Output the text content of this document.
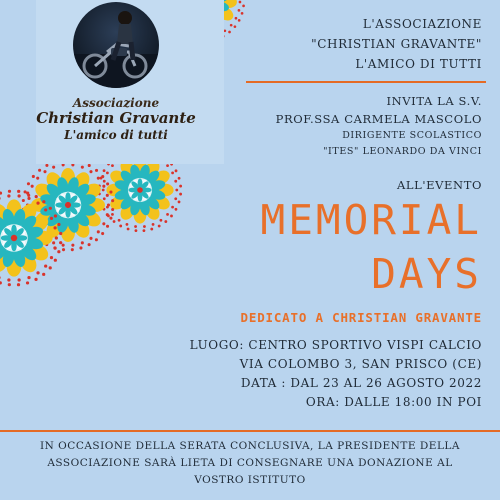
Associazione
Christian Gravante
L'amico di tutti
L'ASSOCIAZIONE
"CHRISTIAN GRAVANTE"
L'AMICO DI TUTTI
INVITA LA S.V.
PROF.SSA CARMELA MASCOLO
DIRIGENTE SCOLASTICO
"ITES" LEONARDO DA VINCI
ALL'EVENTO
MEMORIAL
DAYS
DEDICATO A CHRISTIAN GRAVANTE
LUOGO: CENTRO SPORTIVO VISPI CALCIO
VIA COLOMBO 3, SAN PRISCO (CE)
DATA : DAL 23 AL 26 AGOSTO 2022
ORA: DALLE 18:00 IN POI
IN OCCASIONE DELLA SERATA CONCLUSIVA, LA PRESIDENTE DELLA
ASSOCIAZIONE SARÀ LIETA DI CONSEGNARE UNA DONAZIONE AL
VOSTRO ISTITUTO
